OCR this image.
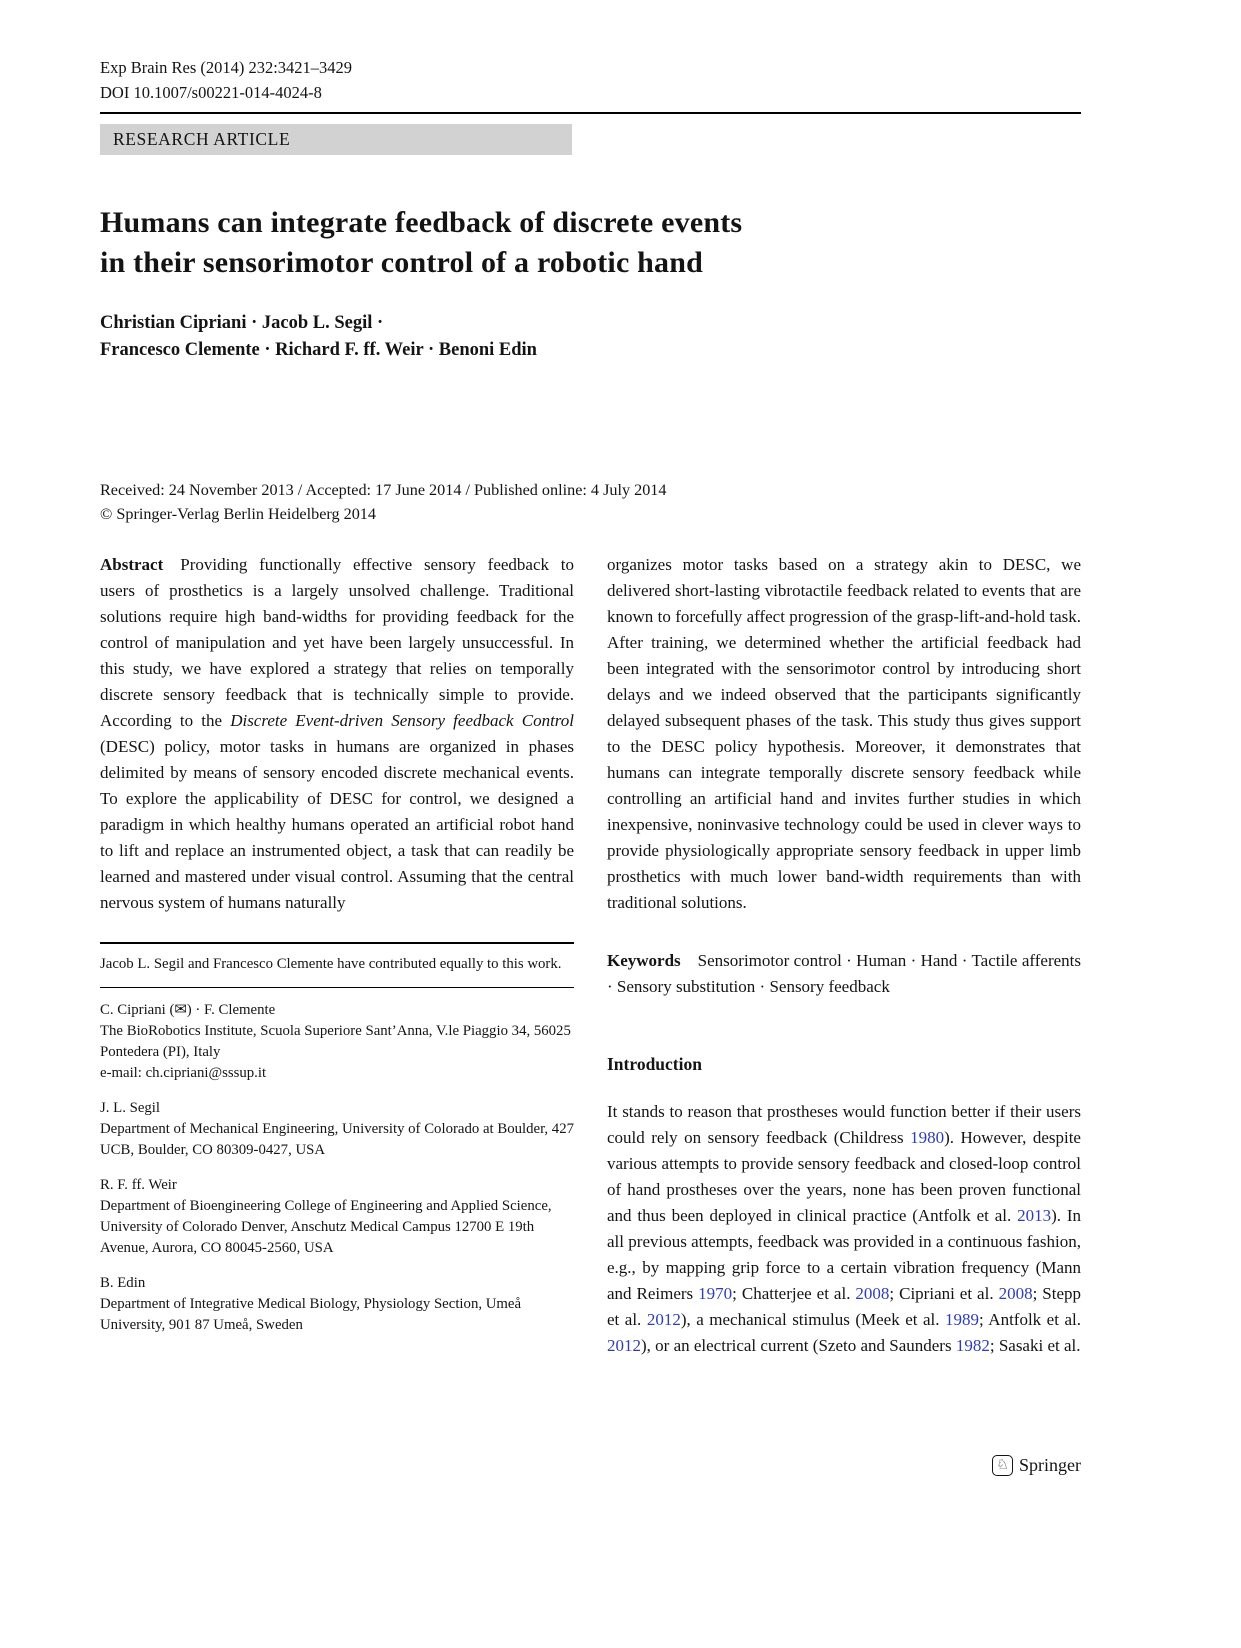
Exp Brain Res (2014) 232:3421–3429
DOI 10.1007/s00221-014-4024-8
RESEARCH ARTICLE
Humans can integrate feedback of discrete events
in their sensorimotor control of a robotic hand
Christian Cipriani · Jacob L. Segil ·
Francesco Clemente · Richard F. ff. Weir · Benoni Edin
Received: 24 November 2013 / Accepted: 17 June 2014 / Published online: 4 July 2014
© Springer-Verlag Berlin Heidelberg 2014

Abstract  Providing functionally effective sensory feedback to users of prosthetics is a largely unsolved challenge. Traditional solutions require high band-widths for providing feedback for the control of manipulation and yet have been largely unsuccessful. In this study, we have explored a strategy that relies on temporally discrete sensory feedback that is technically simple to provide. According to the Discrete Event-driven Sensory feedback Control (DESC) policy, motor tasks in humans are organized in phases delimited by means of sensory encoded discrete mechanical events. To explore the applicability of DESC for control, we designed a paradigm in which healthy humans operated an artificial robot hand to lift and replace an instrumented object, a task that can readily be learned and mastered under visual control. Assuming that the central nervous system of humans naturally

Jacob L. Segil and Francesco Clemente have contributed equally to this work.

C. Cipriani (✉) · F. Clemente

The BioRobotics Institute, Scuola Superiore Sant’Anna, V.le Piaggio 34, 56025 Pontedera (PI), Italy

e-mail: ch.cipriani@sssup.it

J. L. Segil

Department of Mechanical Engineering, University of Colorado at Boulder, 427 UCB, Boulder, CO 80309-0427, USA

R. F. ff. Weir

Department of Bioengineering College of Engineering and Applied Science, University of Colorado Denver, Anschutz Medical Campus 12700 E 19th Avenue, Aurora, CO 80045-2560, USA

B. Edin

Department of Integrative Medical Biology, Physiology Section, Umeå University, 901 87 Umeå, Sweden

organizes motor tasks based on a strategy akin to DESC, we delivered short-lasting vibrotactile feedback related to events that are known to forcefully affect progression of the grasp-lift-and-hold task. After training, we determined whether the artificial feedback had been integrated with the sensorimotor control by introducing short delays and we indeed observed that the participants significantly delayed subsequent phases of the task. This study thus gives support to the DESC policy hypothesis. Moreover, it demonstrates that humans can integrate temporally discrete sensory feedback while controlling an artificial hand and invites further studies in which inexpensive, noninvasive technology could be used in clever ways to provide physiologically appropriate sensory feedback in upper limb prosthetics with much lower band-width requirements than with traditional solutions.

Keywords  Sensorimotor control · Human · Hand · Tactile afferents · Sensory substitution · Sensory feedback

Introduction

It stands to reason that prostheses would function better if their users could rely on sensory feedback (Childress 1980). However, despite various attempts to provide sensory feedback and closed-loop control of hand prostheses over the years, none has been proven functional and thus been deployed in clinical practice (Antfolk et al. 2013). In all previous attempts, feedback was provided in a continuous fashion, e.g., by mapping grip force to a certain vibration frequency (Mann and Reimers 1970; Chatterjee et al. 2008; Cipriani et al. 2008; Stepp et al. 2012), a mechanical stimulus (Meek et al. 1989; Antfolk et al. 2012), or an electrical current (Szeto and Saunders 1982; Sasaki et al.

♘ Springer
